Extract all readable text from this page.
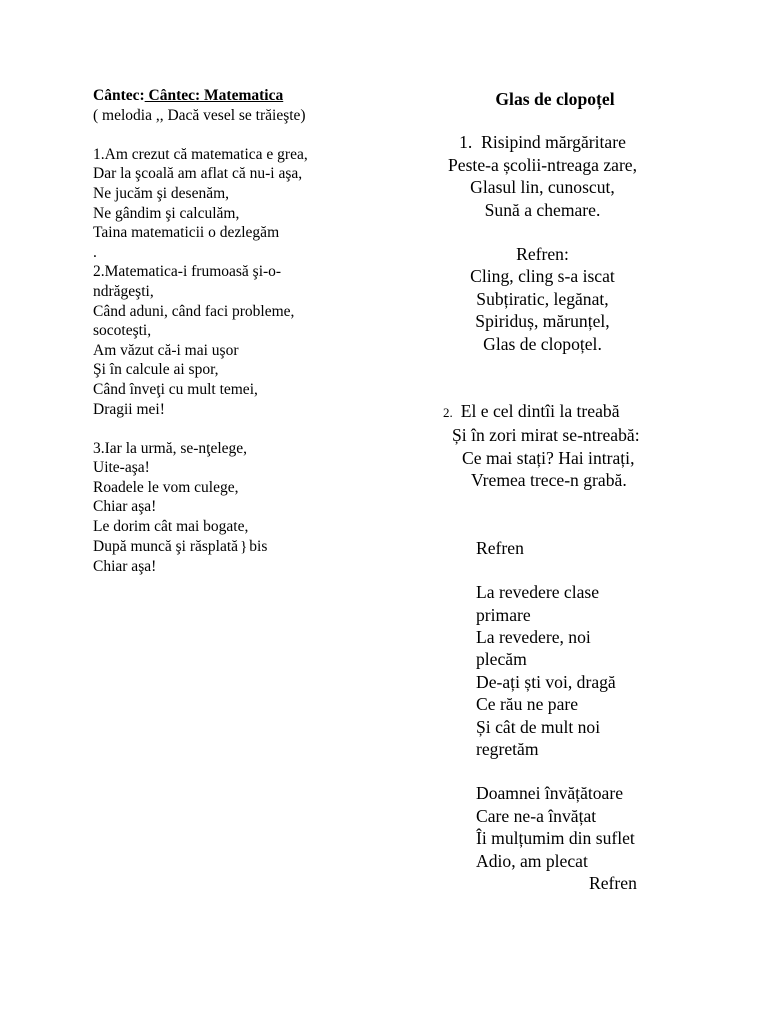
Cântec: Cântec: Matematica
( melodia ,, Dacă vesel se trăieşte)
1.Am crezut că matematica e grea,
Dar la şcoală am aflat că nu-i aşa,
Ne jucăm şi desenăm,
Ne gândim şi calculăm,
Taina matematicii o dezlegăm
.
2.Matematica-i frumoasă şi-o-
ndrăgeşti,
Când aduni, când faci probleme,
socoteşti,
Am văzut că-i mai uşor
Şi în calcule ai spor,
Când înveţi cu mult temei,
Dragii mei!
3.Iar la urmă, se-nţelege,
Uite-aşa!
Roadele le vom culege,
Chiar aşa!
Le dorim cât mai bogate,
După muncă şi răsplată } bis
Chiar aşa!
Glas de clopoțel
1. Risipind mărgăritare
Peste-a școlii-ntreaga zare,
Glasul lin, cunoscut,
Sună a chemare.
Refren:
Cling, cling s-a iscat
Subțiratic, legănat,
Spiriduș, mărunțel,
Glas de clopoțel.
2. El e cel dintîi la treabă
Și în zori mirat se-ntreabă:
Ce mai stați? Hai intrați,
Vremea trece-n grabă.
Refren
La revedere clase
primare
La revedere, noi
plecăm
De-ați ști voi, dragă
Ce rău ne pare
Și cât de mult noi
regretăm
Doamnei învățătoare
Care ne-a învățat
Îi mulțumim din suflet
Adio, am plecat
Refren
